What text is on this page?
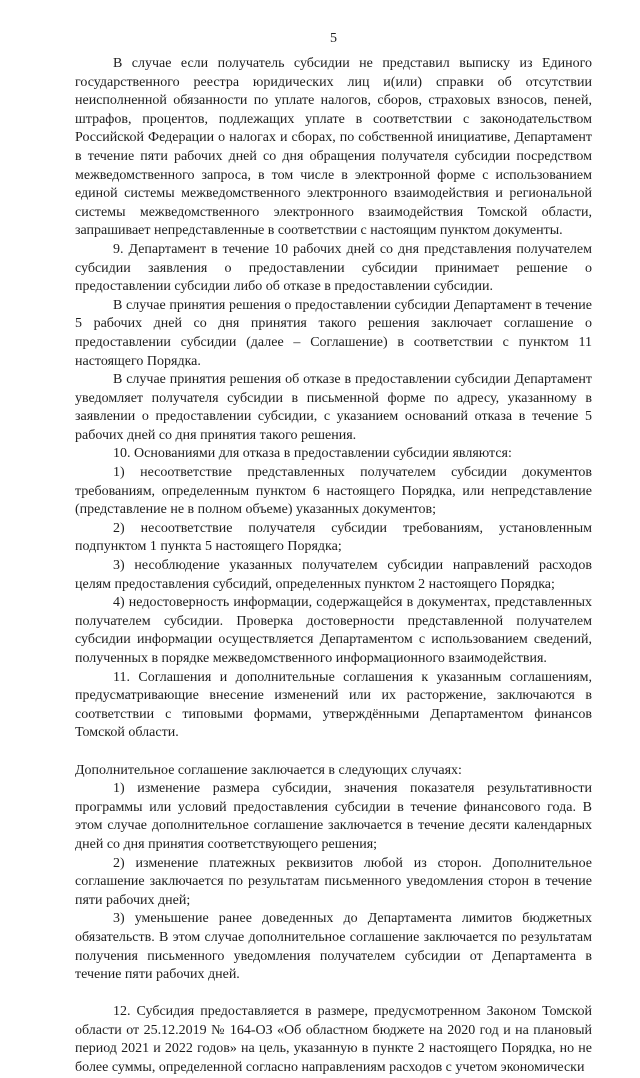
5

В случае если получатель субсидии не представил выписку из Единого государственного реестра юридических лиц и(или) справки об отсутствии неисполненной обязанности по уплате налогов, сборов, страховых взносов, пеней, штрафов, процентов, подлежащих уплате в соответствии с законодательством Российской Федерации о налогах и сборах, по собственной инициативе, Департамент в течение пяти рабочих дней со дня обращения получателя субсидии посредством межведомственного запроса, в том числе в электронной форме с использованием единой системы межведомственного электронного взаимодействия и региональной системы межведомственного электронного взаимодействия Томской области, запрашивает непредставленные в соответствии с настоящим пунктом документы.

9. Департамент в течение 10 рабочих дней со дня представления получателем субсидии заявления о предоставлении субсидии принимает решение о предоставлении субсидии либо об отказе в предоставлении субсидии.

В случае принятия решения о предоставлении субсидии Департамент в течение 5 рабочих дней со дня принятия такого решения заключает соглашение о предоставлении субсидии (далее – Соглашение) в соответствии с пунктом 11 настоящего Порядка.

В случае принятия решения об отказе в предоставлении субсидии Департамент уведомляет получателя субсидии в письменной форме по адресу, указанному в заявлении о предоставлении субсидии, с указанием оснований отказа в течение 5 рабочих дней со дня принятия такого решения.

10. Основаниями для отказа в предоставлении субсидии являются:

1) несоответствие представленных получателем субсидии документов требованиям, определенным пунктом 6 настоящего Порядка, или непредставление (представление не в полном объеме) указанных документов;

2) несоответствие получателя субсидии требованиям, установленным подпунктом 1 пункта 5 настоящего Порядка;

3) несоблюдение указанных получателем субсидии направлений расходов целям предоставления субсидий, определенных пунктом 2 настоящего Порядка;

4) недостоверность информации, содержащейся в документах, представленных получателем субсидии. Проверка достоверности представленной получателем субсидии информации осуществляется Департаментом с использованием сведений, полученных в порядке межведомственного информационного взаимодействия.

11. Соглашения и дополнительные соглашения к указанным соглашениям, предусматривающие внесение изменений или их расторжение, заключаются в соответствии с типовыми формами, утверждёнными Департаментом финансов Томской области.

Дополнительное соглашение заключается в следующих случаях:

1) изменение размера субсидии, значения показателя результативности программы или условий предоставления субсидии в течение финансового года. В этом случае дополнительное соглашение заключается в течение десяти календарных дней со дня принятия соответствующего решения;

2) изменение платежных реквизитов любой из сторон. Дополнительное соглашение заключается по результатам письменного уведомления сторон в течение пяти рабочих дней;

3) уменьшение ранее доведенных до Департамента лимитов бюджетных обязательств. В этом случае дополнительное соглашение заключается по результатам получения письменного уведомления получателем субсидии от Департамента в течение пяти рабочих дней.

12. Субсидия предоставляется в размере, предусмотренном Законом Томской области от 25.12.2019 № 164-ОЗ «Об областном бюджете на 2020 год и на плановый период 2021 и 2022 годов» на цель, указанную в пункте 2 настоящего Порядка, но не более суммы, определенной согласно направлениям расходов с учетом экономически
